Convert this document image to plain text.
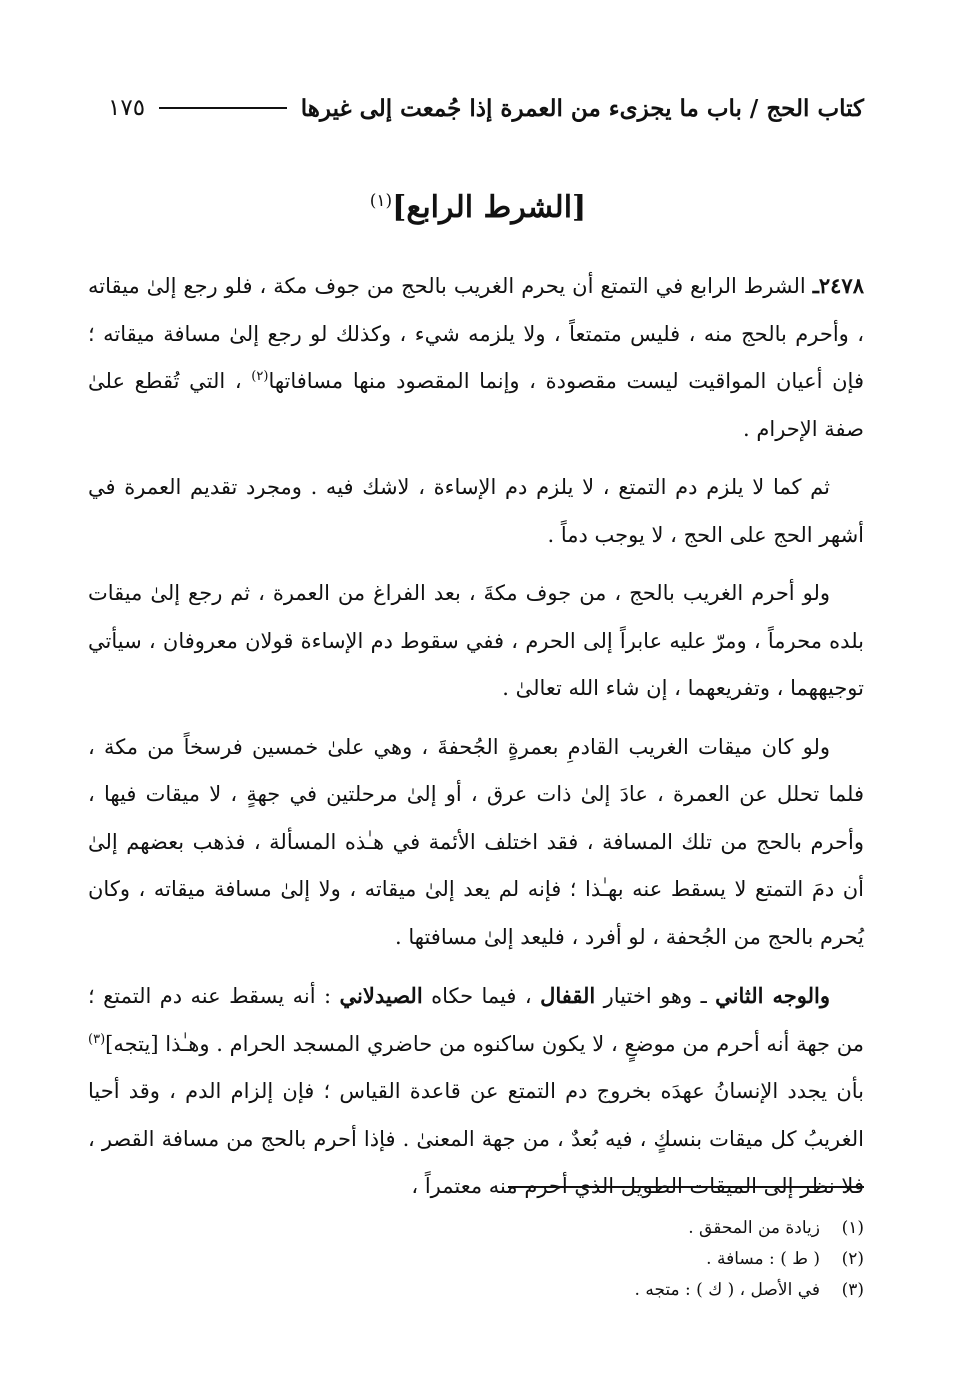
كتاب الحج / باب ما يجزىء من العمرة إذا جُمعت إلى غيرها
١٧٥
[الشرط الرابع]$^{(١)}$

٢٤٧٨ـ الشرط الرابع في التمتع أن يحرم الغريب بالحج من جوف مكة ، فلو رجع إلىٰ ميقاته ، وأحرم بالحج منه ، فليس متمتعاً ، ولا يلزمه شيء ، وكذلك لو رجع إلىٰ مسافة ميقاته ؛ فإن أعيان المواقيت ليست مقصودة ، وإنما المقصود منها مسافاتها$^{(٢)}$ ، التي تُقطع علىٰ صفة الإحرام .

ثم كما لا يلزم دم التمتع ، لا يلزم دم الإساءة ، لاشك فيه . ومجرد تقديم العمرة في أشهر الحج على الحج ، لا يوجب دماً .

ولو أحرم الغريب بالحج ، من جوف مكةَ ، بعد الفراغ من العمرة ، ثم رجع إلىٰ ميقات بلده محرماً ، ومرّ عليه عابراً إلى الحرم ، ففي سقوط دم الإساءة قولان معروفان ، سيأتي توجيههما ، وتفريعهما ، إن شاء الله تعالىٰ .

ولو كان ميقات الغريب القادمِ بعمرةٍ الجُحفةَ ، وهي علىٰ خمسين فرسخاً من مكة ، فلما تحلل عن العمرة ، عادَ إلىٰ ذات عرق ، أو إلىٰ مرحلتين في جهةٍ ، لا ميقات فيها ، وأحرم بالحج من تلك المسافة ، فقد اختلف الأئمة في هـٰذه المسألة ، فذهب بعضهم إلىٰ أن دمَ التمتع لا يسقط عنه بهـٰذا ؛ فإنه لم يعد إلىٰ ميقاته ، ولا إلىٰ مسافة ميقاته ، وكان يُحرم بالحج من الجُحفة ، لو أفرد ، فليعد إلىٰ مسافتها .

والوجه الثاني ـ وهو اختيار القفال ، فيما حكاه الصيدلاني : أنه يسقط عنه دم التمتع ؛ من جهة أنه أحرم من موضعٍ ، لا يكون ساكنوه من حاضري المسجد الحرام . وهـٰذا [يتجه]$^{(٣)}$ بأن يجدد الإنسانُ عهدَه بخروج دم التمتع عن قاعدة القياس ؛ فإن إلزام الدم ، وقد أحيا الغريبُ كل ميقات بنسكٍ ، فيه بُعدٌ ، من جهة المعنىٰ . فإذا أحرم بالحج من مسافة القصر ، فلا نظر إلى الميقات الطويل الذي أحرم منه معتمراً ،

(١)زيادة من المحقق .
(٢)( ط ) : مسافة .
(٣)في الأصل ، ( ك ) : متجه .
